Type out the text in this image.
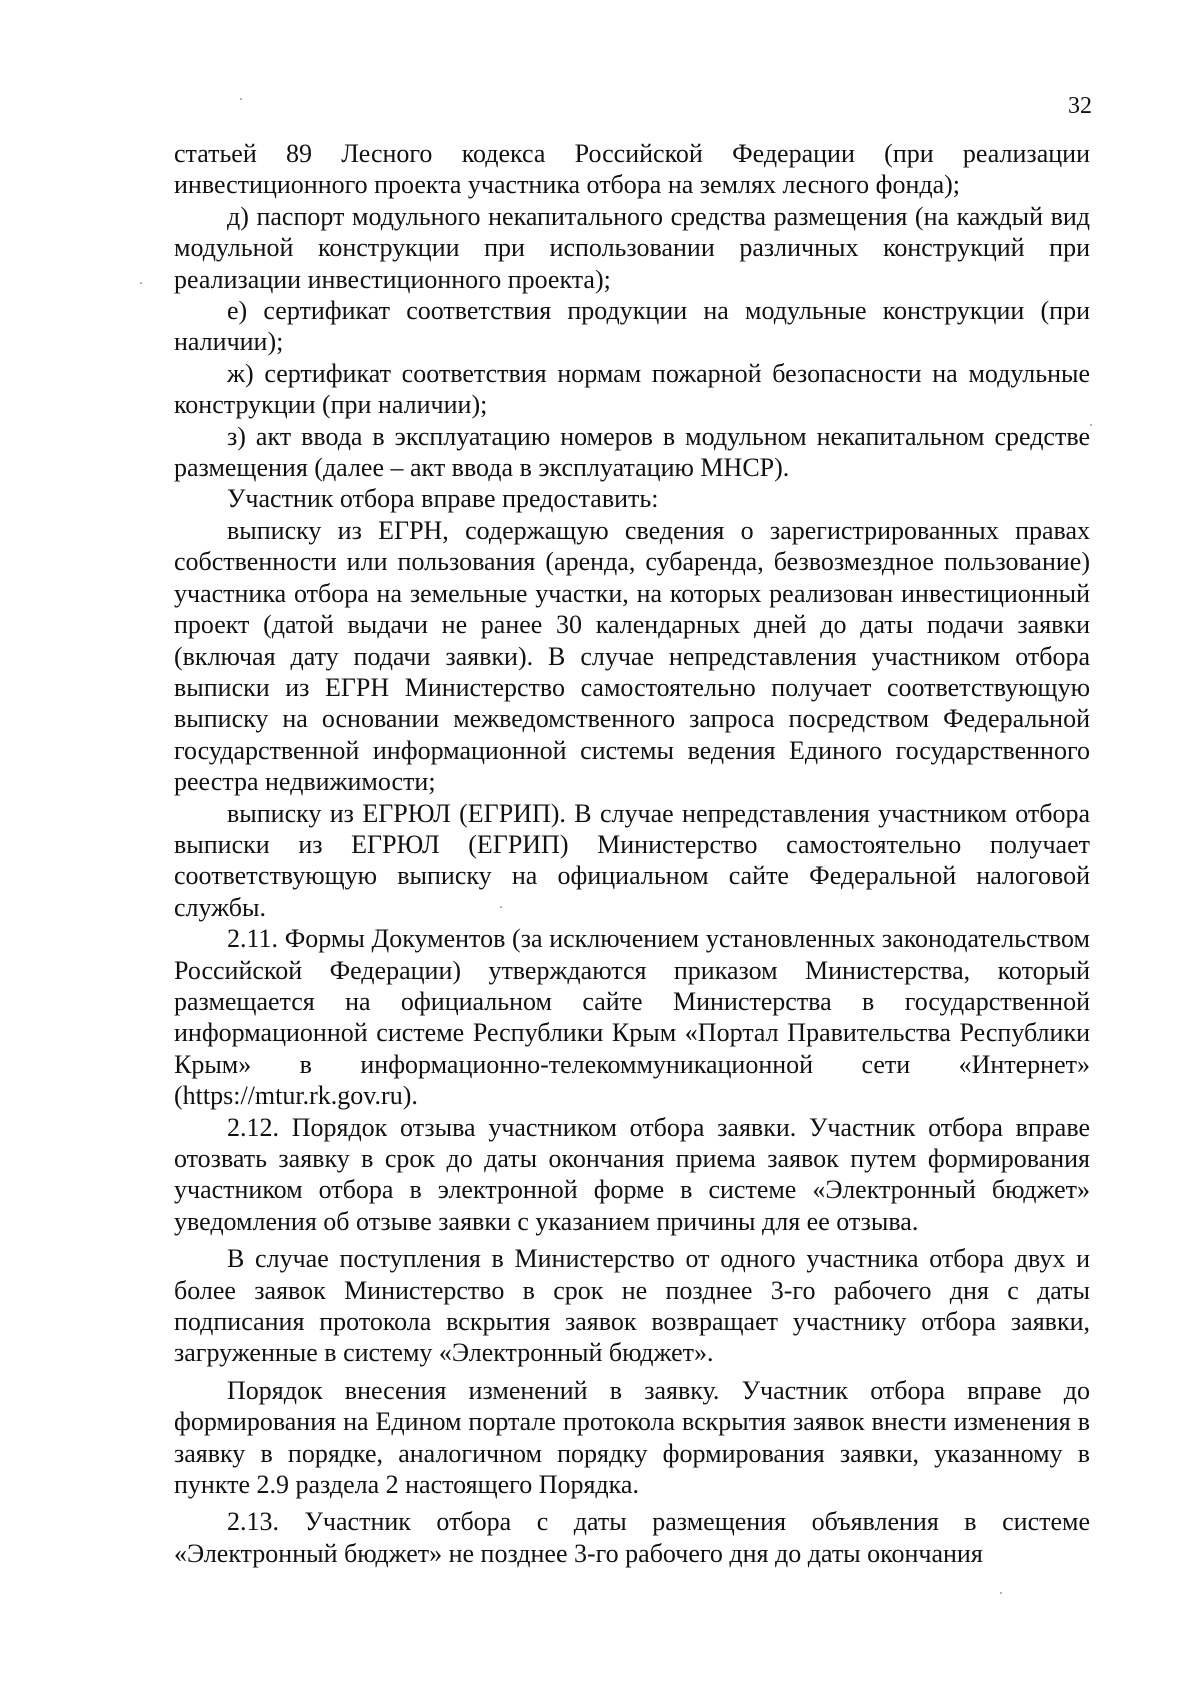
32

статьей 89 Лесного кодекса Российской Федерации (при реализации инвестиционного проекта участника отбора на землях лесного фонда);

д) паспорт модульного некапитального средства размещения (на каждый вид модульной конструкции при использовании различных конструкций при реализации инвестиционного проекта);

е) сертификат соответствия продукции на модульные конструкции (при наличии);

ж) сертификат соответствия нормам пожарной безопасности на модульные конструкции (при наличии);

з) акт ввода в эксплуатацию номеров в модульном некапитальном средстве размещения (далее – акт ввода в эксплуатацию МНСР).

Участник отбора вправе предоставить:

выписку из ЕГРН, содержащую сведения о зарегистрированных правах собственности или пользования (аренда, субаренда, безвозмездное пользование) участника отбора на земельные участки, на которых реализован инвестиционный проект (датой выдачи не ранее 30 календарных дней до даты подачи заявки (включая дату подачи заявки). В случае непредставления участником отбора выписки из ЕГРН Министерство самостоятельно получает соответствующую выписку на основании межведомственного запроса посредством Федеральной государственной информационной системы ведения Единого государственного реестра недвижимости;

выписку из ЕГРЮЛ (ЕГРИП). В случае непредставления участником отбора выписки из ЕГРЮЛ (ЕГРИП) Министерство самостоятельно получает соответствующую выписку на официальном сайте Федеральной налоговой службы.

2.11. Формы Документов (за исключением установленных законодательством Российской Федерации) утверждаются приказом Министерства, который размещается на официальном сайте Министерства в государственной информационной системе Республики Крым «Портал Правительства Республики Крым» в информационно-телекоммуникационной сети «Интернет» (https://mtur.rk.gov.ru).

2.12. Порядок отзыва участником отбора заявки. Участник отбора вправе отозвать заявку в срок до даты окончания приема заявок путем формирования участником отбора в электронной форме в системе «Электронный бюджет» уведомления об отзыве заявки с указанием причины для ее отзыва.

В случае поступления в Министерство от одного участника отбора двух и более заявок Министерство в срок не позднее 3-го рабочего дня с даты подписания протокола вскрытия заявок возвращает участнику отбора заявки, загруженные в систему «Электронный бюджет».

Порядок внесения изменений в заявку. Участник отбора вправе до формирования на Едином портале протокола вскрытия заявок внести изменения в заявку в порядке, аналогичном порядку формирования заявки, указанному в пункте 2.9 раздела 2 настоящего Порядка.

2.13. Участник отбора с даты размещения объявления в системе «Электронный бюджет» не позднее 3-го рабочего дня до даты окончания
